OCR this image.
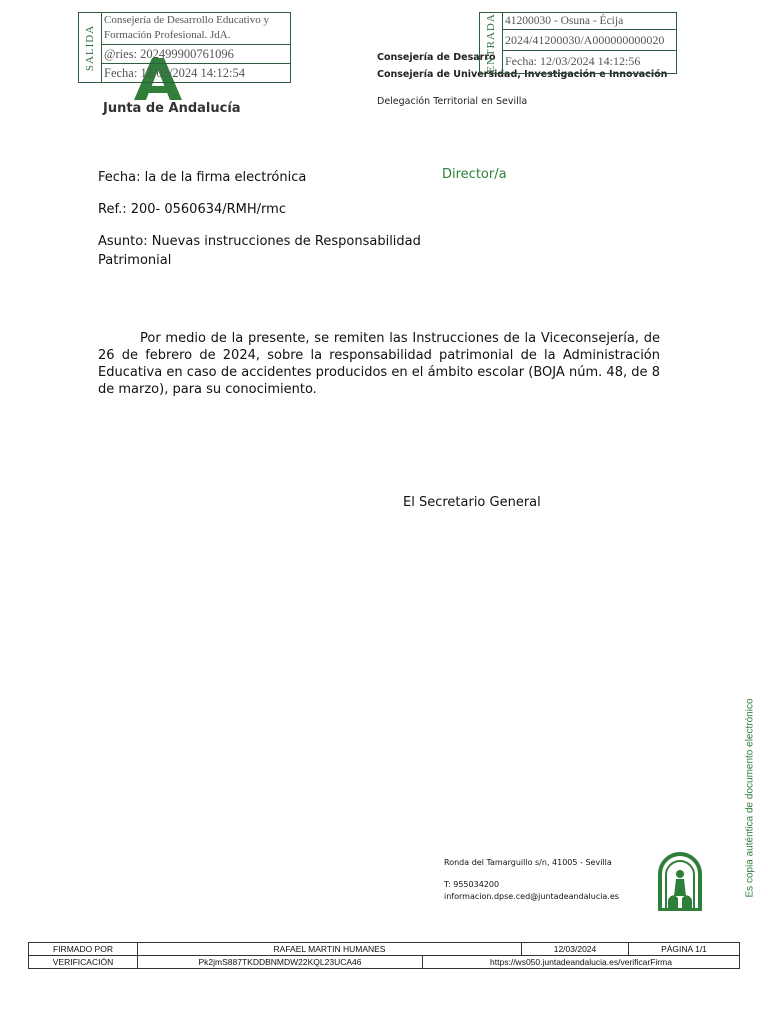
Junta de Andalucía
SALIDA
Consejería de Desarrollo Educativo y
Formación Profesional. JdA.
@ries: 202499900761096
Fecha: 12/03/2024 14:12:54
Consejería de Desarro
Consejería de Universidad, Investigación e Innovación
Delegación Territorial en Sevilla
ENTRADA 41200030 - Osuna - Écija
2024/41200030/A000000000020
Fecha: 12/03/2024 14:12:56
Fecha: la de la firma electrónica
Ref.: 200- 0560634/RMH/rmc
Asunto: Nuevas instrucciones de Responsabilidad
Patrimonial
Director/a
Por medio de la presente, se remiten las Instrucciones de la Viceconsejería, de 26 de febrero de 2024, sobre la responsabilidad patrimonial de la Administración Educativa en caso de accidentes producidos en el ámbito escolar (BOJA núm. 48, de 8 de marzo), para su conocimiento.
El Secretario General
Es copia auténtica de documento electrónico
Ronda del Tamarguillo s/n, 41005 - Sevilla
T: 955034200
informacion.dpse.ced@juntadeandalucia.es
FIRMADO POR	RAFAEL MARTIN HUMANES		12/03/2024	PÁGINA 1/1
VERIFICACIÓN	Pk2jmS887TKDDBNMDW22KQL23UCA46	https://ws050.juntadeandalucia.es/verificarFirma		
